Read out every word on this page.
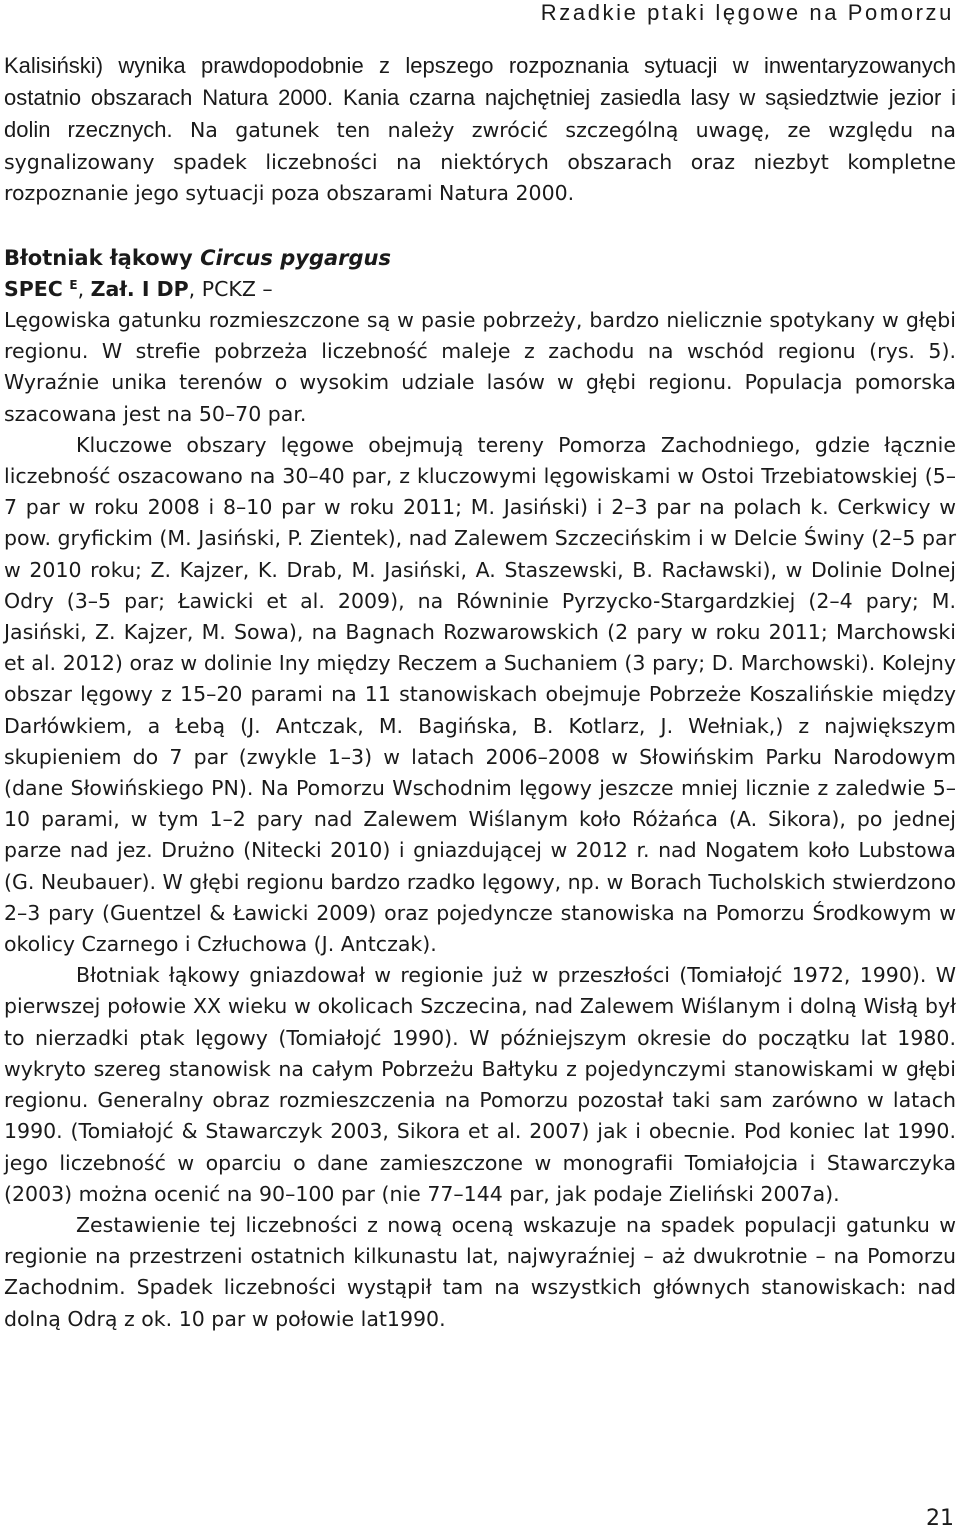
Rzadkie ptaki lęgowe na Pomorzu

Kalisiński) wynika prawdopodobnie z lepszego rozpoznania sytuacji w inwentaryzowanych ostatnio obszarach Natura 2000. Kania czarna najchętniej zasiedla lasy w sąsiedztwie jezior i dolin rzecznych. Na gatunek ten należy zwrócić szczególną uwagę, ze względu na sygnalizowany spadek liczebności na niektórych obszarach oraz niezbyt kompletne rozpoznanie jego sytuacji poza obszarami Natura 2000.

Błotniak łąkowy Circus pygargus
SPEC $^E$, Zał. I DP, PCKZ –

Lęgowiska gatunku rozmieszczone są w pasie pobrzeży, bardzo nielicznie spotykany w głębi regionu. W strefie pobrzeża liczebność maleje z zachodu na wschód regionu (rys. 5). Wyraźnie unika terenów o wysokim udziale lasów w głębi regionu. Populacja pomorska szacowana jest na 50–70 par.

Kluczowe obszary lęgowe obejmują tereny Pomorza Zachodniego, gdzie łącznie liczebność oszacowano na 30–40 par, z kluczowymi lęgowiskami w Ostoi Trzebiatowskiej (5–7 par w roku 2008 i 8–10 par w roku 2011; M. Jasiński) i 2–3 par na polach k. Cerkwicy w pow. gryfickim (M. Jasiński, P. Zientek), nad Zalewem Szczecińskim i w Delcie Świny (2–5 par w 2010 roku; Z. Kajzer, K. Drab, M. Jasiński, A. Staszewski, B. Racławski), w Dolinie Dolnej Odry (3–5 par; Ławicki et al. 2009), na Równinie Pyrzycko-Stargardzkiej (2–4 pary; M. Jasiński, Z. Kajzer, M. Sowa), na Bagnach Rozwarowskich (2 pary w roku 2011; Marchowski et al. 2012) oraz w dolinie Iny między Reczem a Suchaniem (3 pary; D. Marchowski). Kolejny obszar lęgowy z 15–20 parami na 11 stanowiskach obejmuje Pobrzeże Koszalińskie między Darłówkiem, a Łebą (J. Antczak, M. Bagińska, B. Kotlarz, J. Wełniak,) z największym skupieniem do 7 par (zwykle 1–3) w latach 2006–2008 w Słowińskim Parku Narodowym (dane Słowińskiego PN). Na Pomorzu Wschodnim lęgowy jeszcze mniej licznie z zaledwie 5–10 parami, w tym 1–2 pary nad Zalewem Wiślanym koło Różańca (A. Sikora), po jednej parze nad jez. Drużno (Nitecki 2010) i gniazdującej w 2012 r. nad Nogatem koło Lubstowa (G. Neubauer). W głębi regionu bardzo rzadko lęgowy, np. w Borach Tucholskich stwierdzono 2–3 pary (Guentzel & Ławicki 2009) oraz pojedyncze stanowiska na Pomorzu Środkowym w okolicy Czarnego i Człuchowa (J. Antczak).

Błotniak łąkowy gniazdował w regionie już w przeszłości (Tomiałojć 1972, 1990). W pierwszej połowie XX wieku w okolicach Szczecina, nad Zalewem Wiślanym i dolną Wisłą był to nierzadki ptak lęgowy (Tomiałojć 1990). W późniejszym okresie do początku lat 1980. wykryto szereg stanowisk na całym Pobrzeżu Bałtyku z pojedynczymi stanowiskami w głębi regionu. Generalny obraz rozmieszczenia na Pomorzu pozostał taki sam zarówno w latach 1990. (Tomiałojć & Stawarczyk 2003, Sikora et al. 2007) jak i obecnie. Pod koniec lat 1990. jego liczebność w oparciu o dane zamieszczone w monografii Tomiałojcia i Stawarczyka (2003) można ocenić na 90–100 par (nie 77–144 par, jak podaje Zieliński 2007a).

Zestawienie tej liczebności z nową oceną wskazuje na spadek populacji gatunku w regionie na przestrzeni ostatnich kilkunastu lat, najwyraźniej – aż dwukrotnie – na Pomorzu Zachodnim. Spadek liczebności wystąpił tam na wszystkich głównych stanowiskach: nad dolną Odrą z ok. 10 par w połowie lat1990.

21
